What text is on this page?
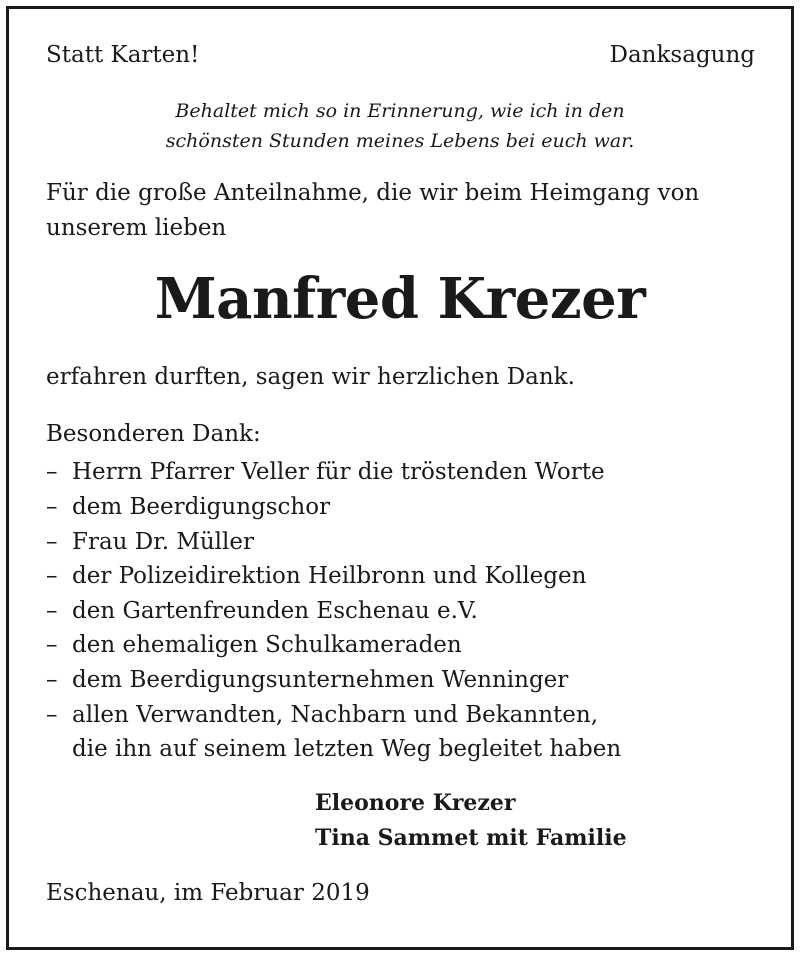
Statt Karten!	Danksagung
Behaltet mich so in Erinnerung, wie ich in den
schönsten Stunden meines Lebens bei euch war.
Für die große Anteilnahme, die wir beim Heimgang von
unserem lieben
Manfred Krezer
erfahren durften, sagen wir herzlichen Dank.
Besonderen Dank:
– Herrn Pfarrer Veller für die tröstenden Worte
– dem Beerdigungschor
– Frau Dr. Müller
– der Polizeidirektion Heilbronn und Kollegen
– den Gartenfreunden Eschenau e.V.
– den ehemaligen Schulkameraden
– dem Beerdigungsunternehmen Wenninger
– allen Verwandten, Nachbarn und Bekannten,
die ihn auf seinem letzten Weg begleitet haben
Eleonore Krezer
Tina Sammet mit Familie
Eschenau, im Februar 2019
